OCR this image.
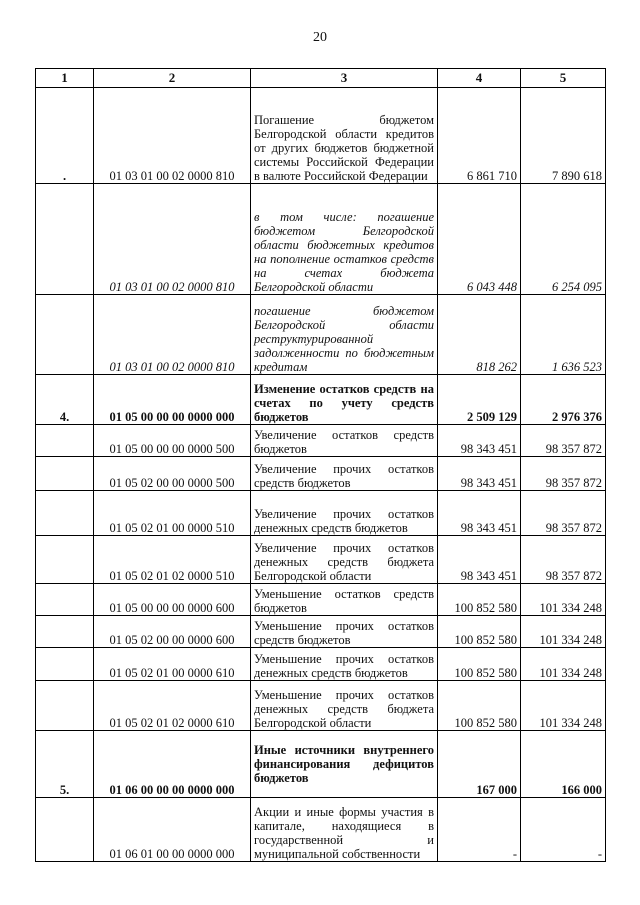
20
1	2	3	4	5
.	01 03 01 00 02 0000 810	Погашение бюджетом Белгородской области кредитов от других бюджетов бюджетной системы Российской Федерации в валюте Российской Федерации	6 861 710	7 890 618
	01 03 01 00 02 0000 810	в том числе: погашение бюджетом Белгородской области бюджетных кредитов на пополнение остатков средств на счетах бюджета Белгородской области	6 043 448	6 254 095
	01 03 01 00 02 0000 810	погашение бюджетом Белгородской области реструктурированной задолженности по бюджетным кредитам	818 262	1 636 523
4.	01 05 00 00 00 0000 000	Изменение остатков средств на счетах по учету средств бюджетов	2 509 129	2 976 376
	01 05 00 00 00 0000 500	Увеличение остатков средств бюджетов	98 343 451	98 357 872
	01 05 02 00 00 0000 500	Увеличение прочих остатков средств бюджетов	98 343 451	98 357 872
	01 05 02 01 00 0000 510	Увеличение прочих остатков денежных средств бюджетов	98 343 451	98 357 872
	01 05 02 01 02 0000 510	Увеличение прочих остатков денежных средств бюджета Белгородской области	98 343 451	98 357 872
	01 05 00 00 00 0000 600	Уменьшение остатков средств бюджетов	100 852 580	101 334 248
	01 05 02 00 00 0000 600	Уменьшение прочих остатков средств бюджетов	100 852 580	101 334 248
	01 05 02 01 00 0000 610	Уменьшение прочих остатков денежных средств бюджетов	100 852 580	101 334 248
	01 05 02 01 02 0000 610	Уменьшение прочих остатков денежных средств бюджета Белгородской области	100 852 580	101 334 248
5.	01 06 00 00 00 0000 000	Иные источники внутреннего финансирования дефицитов бюджетов	167 000	166 000
	01 06 01 00 00 0000 000	Акции и иные формы участия в капитале, находящиеся в государственной и муниципальной собственности	-	-
